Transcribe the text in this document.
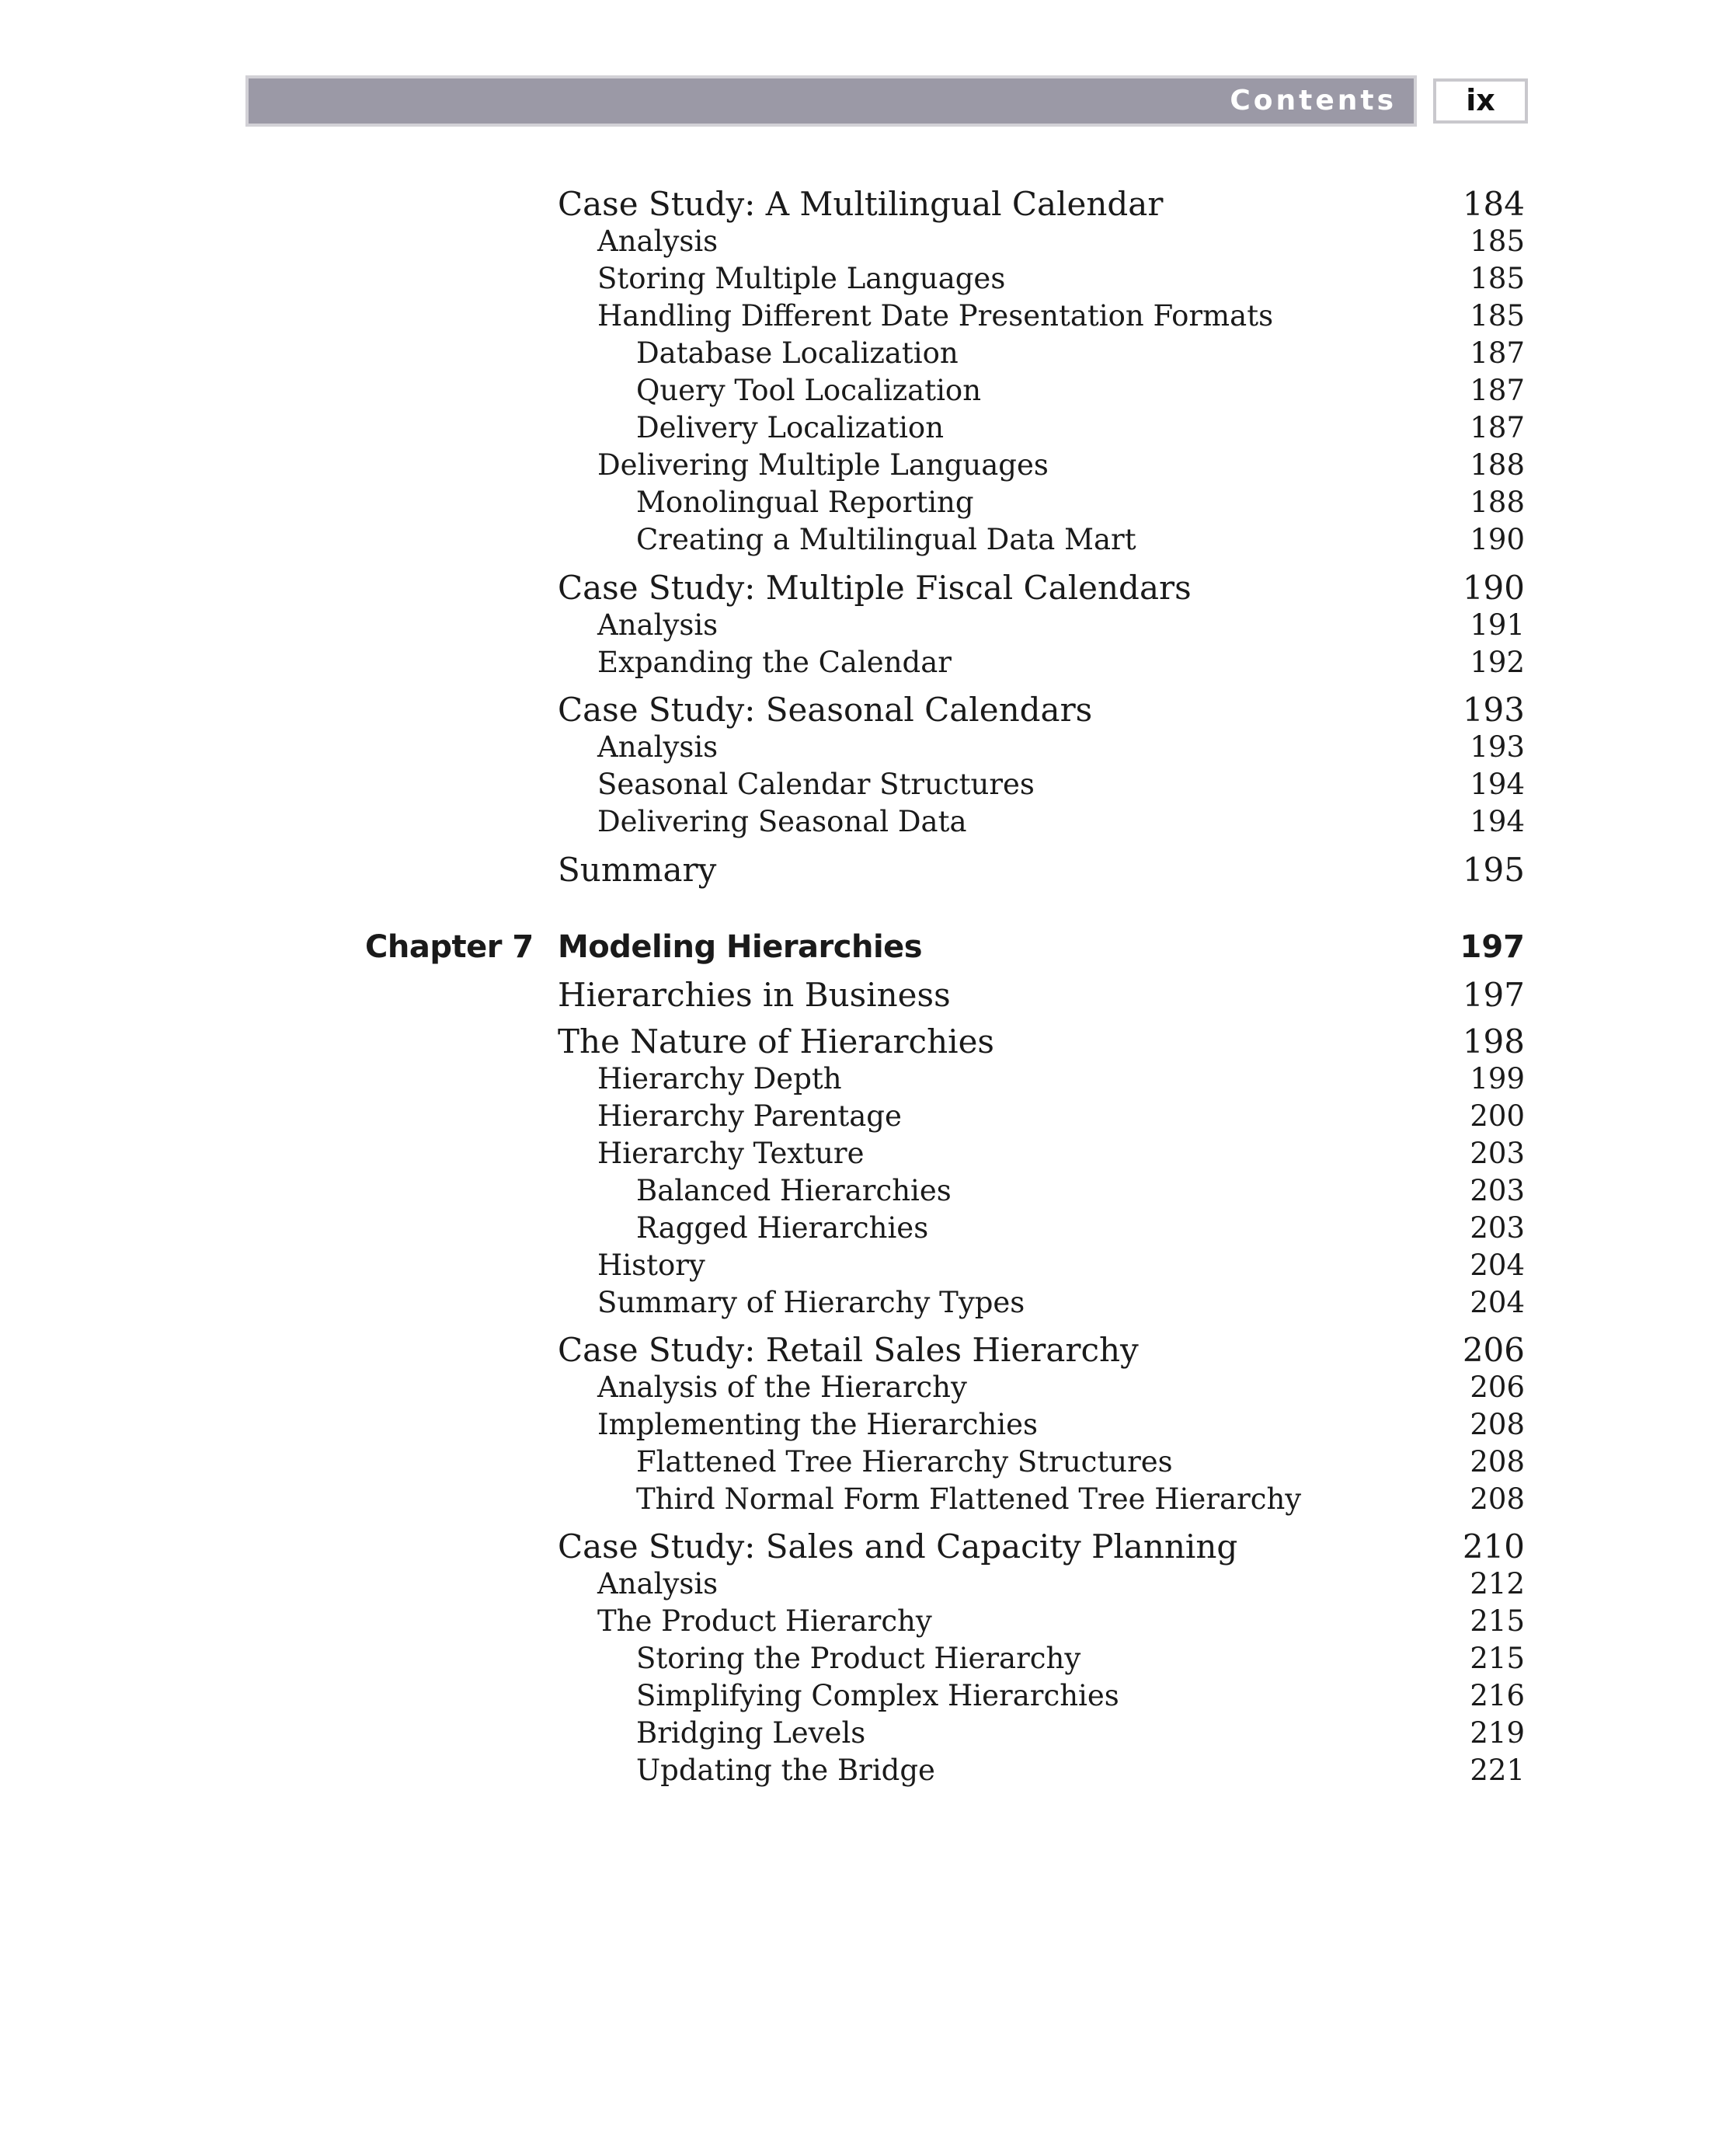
Contents	ix
Case Study: A Multilingual Calendar	184
Analysis	185
Storing Multiple Languages	185
Handling Different Date Presentation Formats	185
Database Localization	187
Query Tool Localization	187
Delivery Localization	187
Delivering Multiple Languages	188
Monolingual Reporting	188
Creating a Multilingual Data Mart	190
Case Study: Multiple Fiscal Calendars	190
Analysis	191
Expanding the Calendar	192
Case Study: Seasonal Calendars	193
Analysis	193
Seasonal Calendar Structures	194
Delivering Seasonal Data	194
Summary	195
Chapter 7 Modeling Hierarchies	197
Hierarchies in Business	197
The Nature of Hierarchies	198
Hierarchy Depth	199
Hierarchy Parentage	200
Hierarchy Texture	203
Balanced Hierarchies	203
Ragged Hierarchies	203
History	204
Summary of Hierarchy Types	204
Case Study: Retail Sales Hierarchy	206
Analysis of the Hierarchy	206
Implementing the Hierarchies	208
Flattened Tree Hierarchy Structures	208
Third Normal Form Flattened Tree Hierarchy	208
Case Study: Sales and Capacity Planning	210
Analysis	212
The Product Hierarchy	215
Storing the Product Hierarchy	215
Simplifying Complex Hierarchies	216
Bridging Levels	219
Updating the Bridge	221
